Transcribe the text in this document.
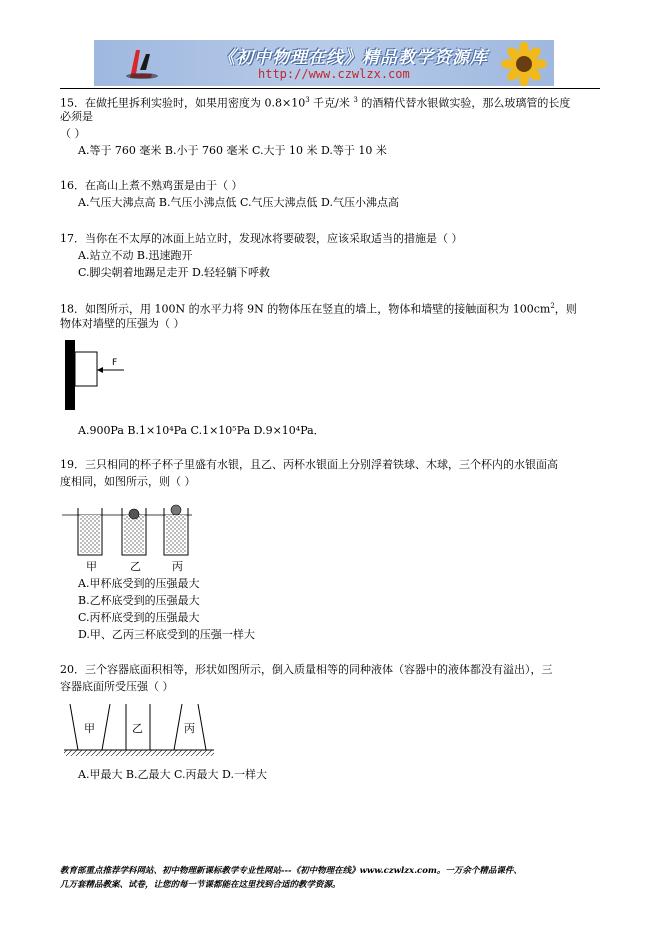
《初中物理在线》精品教学资源库
http://www.czwlzx.com
15．在做托里拆利实验时，如果用密度为 $0.8\times 10^3$ 千克/米 $^3$ 的酒精代替水银做实验，那么玻璃管的长度
必须是
（ ）
A.等于 760 毫米 B.小于 760 毫米 C.大于 10 米 D.等于 10 米
16．在高山上煮不熟鸡蛋是由于（ ）
A.气压大沸点高 B.气压小沸点低 C.气压大沸点低 D.气压小沸点高
17．当你在不太厚的冰面上站立时，发现冰将要破裂，应该采取适当的措施是（ ）
A.站立不动 B.迅速跑开
C.脚尖朝着地踢足走开 D.轻轻躺下呼救
18．如图所示，用 100N 的水平力将 9N 的物体压在竖直的墙上，物体和墙壁的接触面积为 $100cm^2$，则
物体对墙壁的压强为（ ）
F
A.900Pa B.1×10⁴Pa C.1×10⁵Pa D.9×10⁴Pa．
19．三只相同的杯子杯子里盛有水银，且乙、丙杯水银面上分别浮着铁球、木球，三个杯内的水银面高
度相同，如图所示，则（ ）
甲	乙	丙
A.甲杯底受到的压强最大
B.乙杯底受到的压强最大
C.丙杯底受到的压强最大
D.甲、乙丙三杯底受到的压强一样大
20．三个容器底面积相等，形状如图所示，倒入质量相等的同种液体（容器中的液体都没有溢出），三
容器底面所受压强（ ）
甲	乙	丙
A.甲最大 B.乙最大 C.丙最大 D.一样大
教育部重点推荐学科网站、初中物理新课标教学专业性网站---《初中物理在线》www.czwlzx.com。一万余个精品课件、
几万套精品教案、试卷，让您的每一节课都能在这里找到合适的教学资源。
